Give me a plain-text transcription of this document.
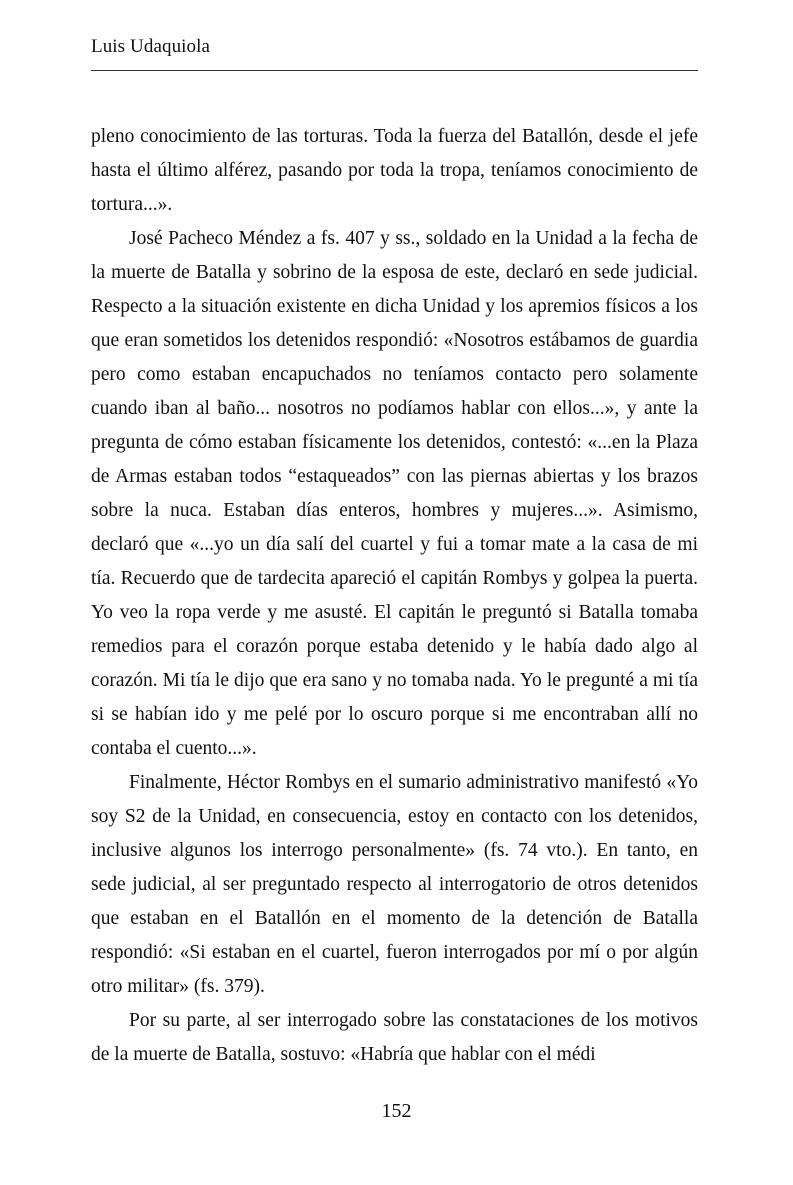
Luis Udaquiola

pleno conocimiento de las torturas. Toda la fuerza del Batallón, desde el jefe hasta el último alférez, pasando por toda la tropa, teníamos conocimiento de tortura...».

José Pacheco Méndez a fs. 407 y ss., soldado en la Unidad a la fecha de la muerte de Batalla y sobrino de la esposa de este, declaró en sede judicial. Respecto a la situación existente en dicha Unidad y los apremios físicos a los que eran sometidos los detenidos respondió: «Nosotros estábamos de guardia pero como estaban encapuchados no teníamos contacto pero solamente cuando iban al baño... nosotros no podíamos hablar con ellos...», y ante la pregunta de cómo estaban físicamente los detenidos, contestó: «...en la Plaza de Armas estaban todos “estaqueados” con las piernas abiertas y los brazos sobre la nuca. Estaban días enteros, hombres y mujeres...». Asimismo, declaró que «...yo un día salí del cuartel y fui a tomar mate a la casa de mi tía. Recuerdo que de tardecita apareció el capitán Rombys y golpea la puerta. Yo veo la ropa verde y me asusté. El capitán le preguntó si Batalla tomaba remedios para el corazón porque estaba detenido y le había dado algo al corazón. Mi tía le dijo que era sano y no tomaba nada. Yo le pregunté a mi tía si se habían ido y me pelé por lo oscuro porque si me encontraban allí no contaba el cuento...».

Finalmente, Héctor Rombys en el sumario administrativo manifestó «Yo soy S2 de la Unidad, en consecuencia, estoy en contacto con los detenidos, inclusive algunos los interrogo personalmente» (fs. 74 vto.). En tanto, en sede judicial, al ser preguntado respecto al interrogatorio de otros detenidos que estaban en el Batallón en el momento de la detención de Batalla respondió: «Si estaban en el cuartel, fueron interrogados por mí o por algún otro militar» (fs. 379).

Por su parte, al ser interrogado sobre las constataciones de los motivos de la muerte de Batalla, sostuvo: «Habría que hablar con el médi

152
